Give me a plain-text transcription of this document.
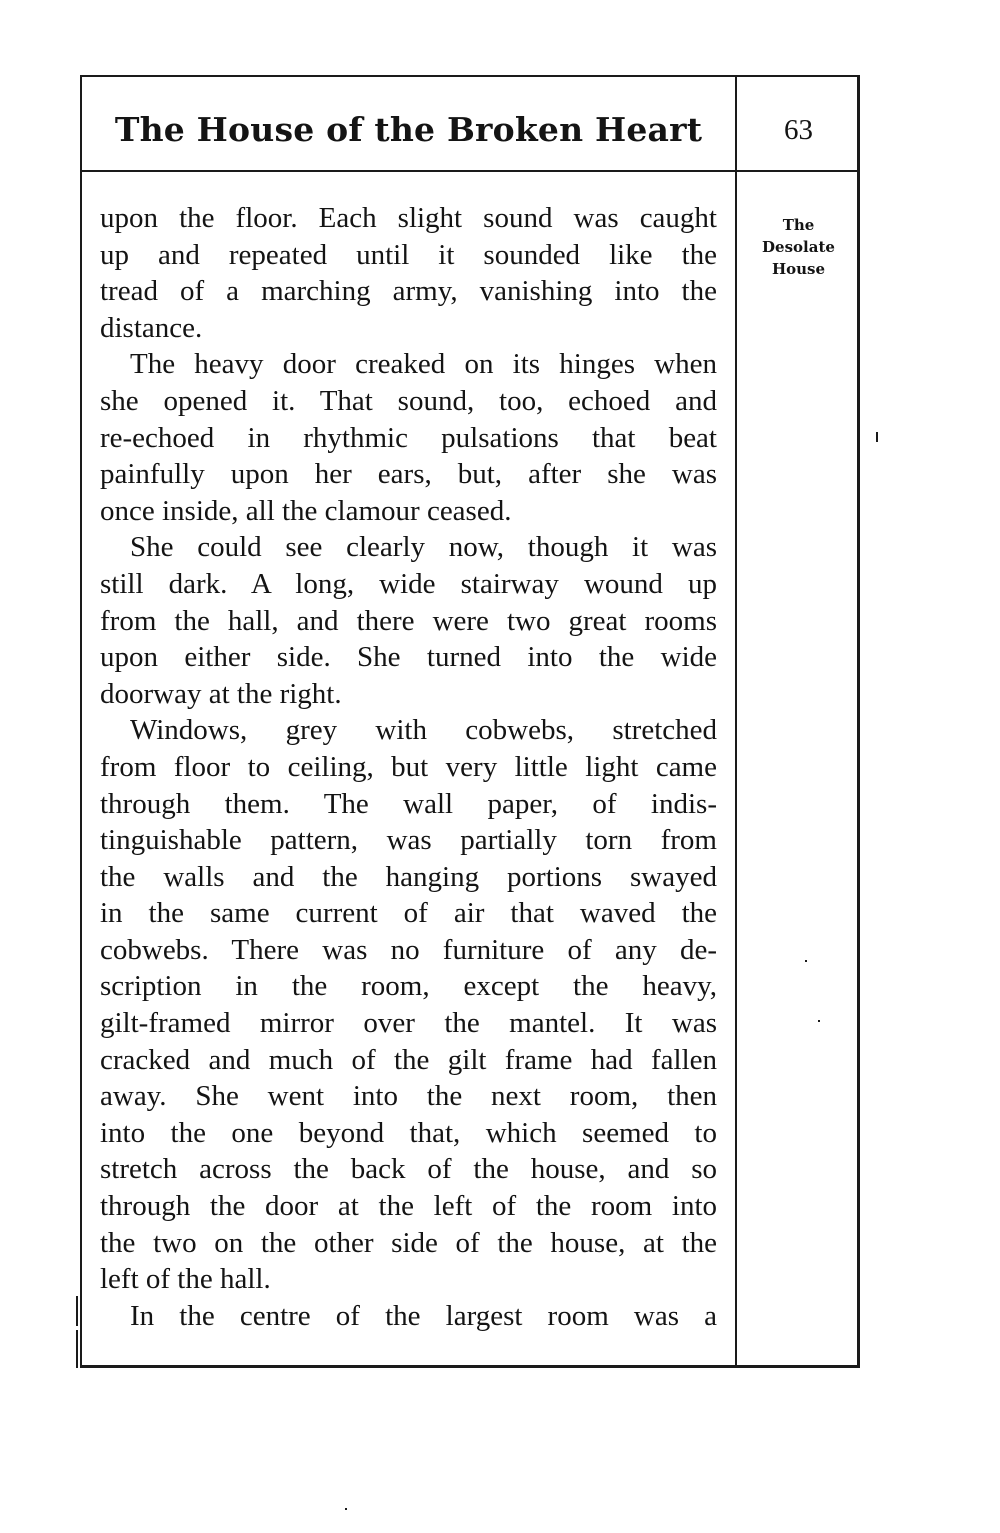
The House of the Broken Heart	63
The
Desolate
House

upon the floor. Each slight sound was caught

up and repeated until it sounded like the

tread of a marching army, vanishing into the

distance.

The heavy door creaked on its hinges when

she opened it. That sound, too, echoed and

re-echoed in rhythmic pulsations that beat

painfully upon her ears, but, after she was

once inside, all the clamour ceased.

She could see clearly now, though it was

still dark. A long, wide stairway wound up

from the hall, and there were two great rooms

upon either side. She turned into the wide

doorway at the right.

Windows, grey with cobwebs, stretched

from floor to ceiling, but very little light came

through them. The wall paper, of indis-

tinguishable pattern, was partially torn from

the walls and the hanging portions swayed

in the same current of air that waved the

cobwebs. There was no furniture of any de-

scription in the room, except the heavy,

gilt-framed mirror over the mantel. It was

cracked and much of the gilt frame had fallen

away. She went into the next room, then

into the one beyond that, which seemed to

stretch across the back of the house, and so

through the door at the left of the room into

the two on the other side of the house, at the

left of the hall.

In the centre of the largest room was a
